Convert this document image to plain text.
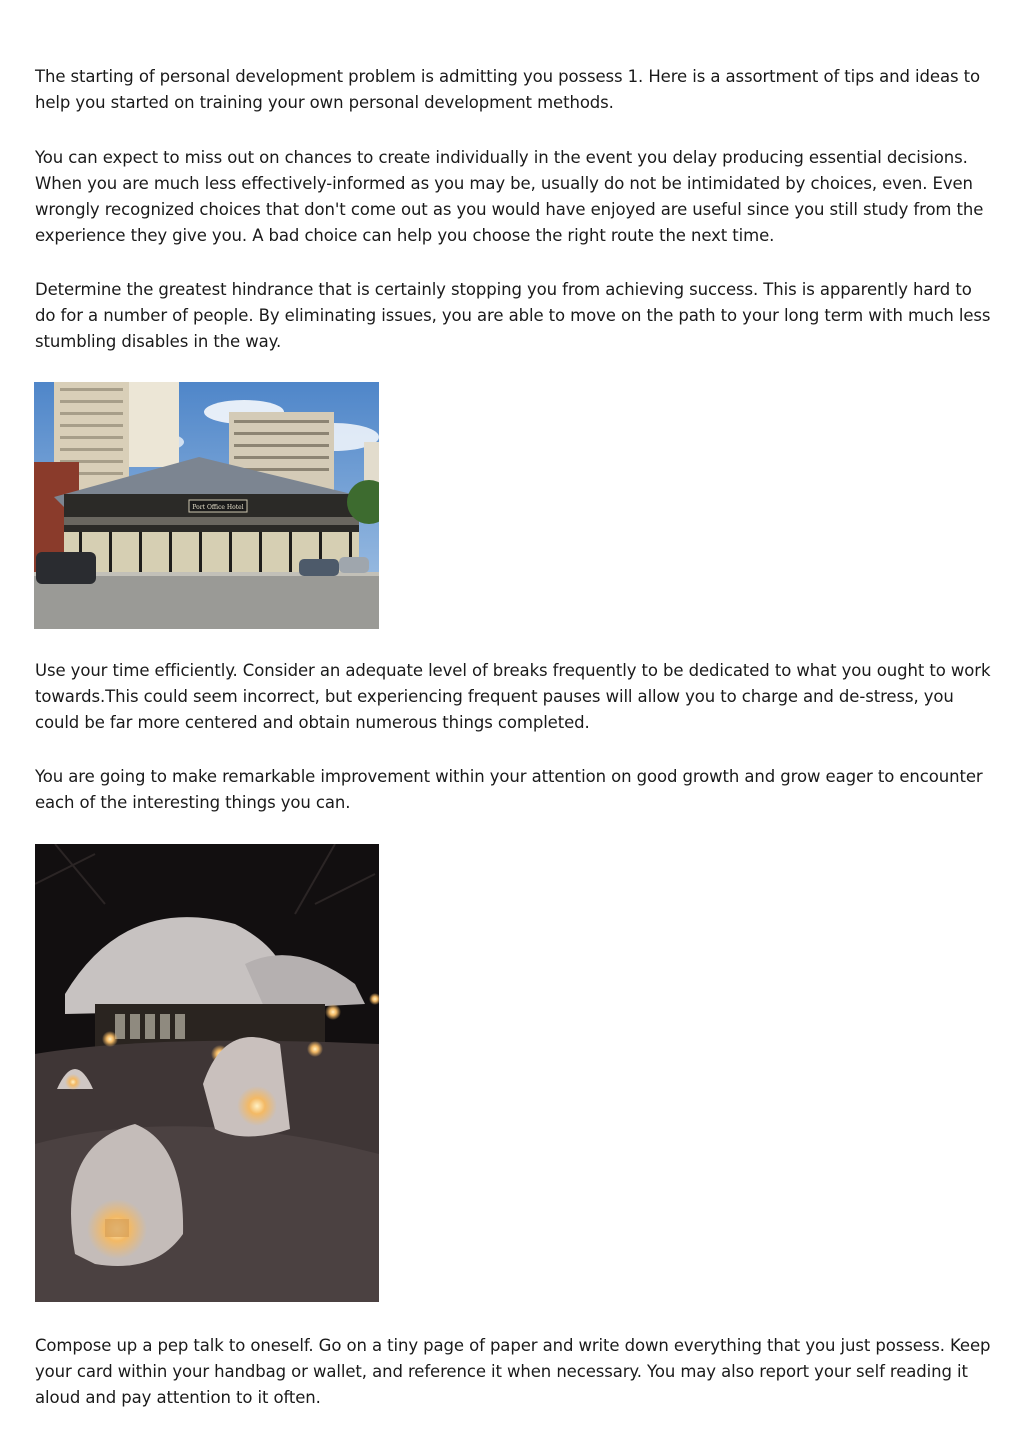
The starting of personal development problem is admitting you possess 1. Here is a assortment of tips and ideas to help you started on training your own personal development methods.

You can expect to miss out on chances to create individually in the event you delay producing essential decisions. When you are much less effectively-informed as you may be, usually do not be intimidated by choices, even. Even wrongly recognized choices that don't come out as you would have enjoyed are useful since you still study from the experience they give you. A bad choice can help you choose the right route the next time.

Determine the greatest hindrance that is certainly stopping you from achieving success. This is apparently hard to do for a number of people. By eliminating issues, you are able to move on the path to your long term with much less stumbling disables in the way.

Port Office Hotel

Use your time efficiently. Consider an adequate level of breaks frequently to be dedicated to what you ought to work towards.This could seem incorrect, but experiencing frequent pauses will allow you to charge and de-stress, you could be far more centered and obtain numerous things completed.

You are going to make remarkable improvement within your attention on good growth and grow eager to encounter each of the interesting things you can.

Compose up a pep talk to oneself. Go on a tiny page of paper and write down everything that you just possess. Keep your card within your handbag or wallet, and reference it when necessary. You may also report your self reading it aloud and pay attention to it often.
